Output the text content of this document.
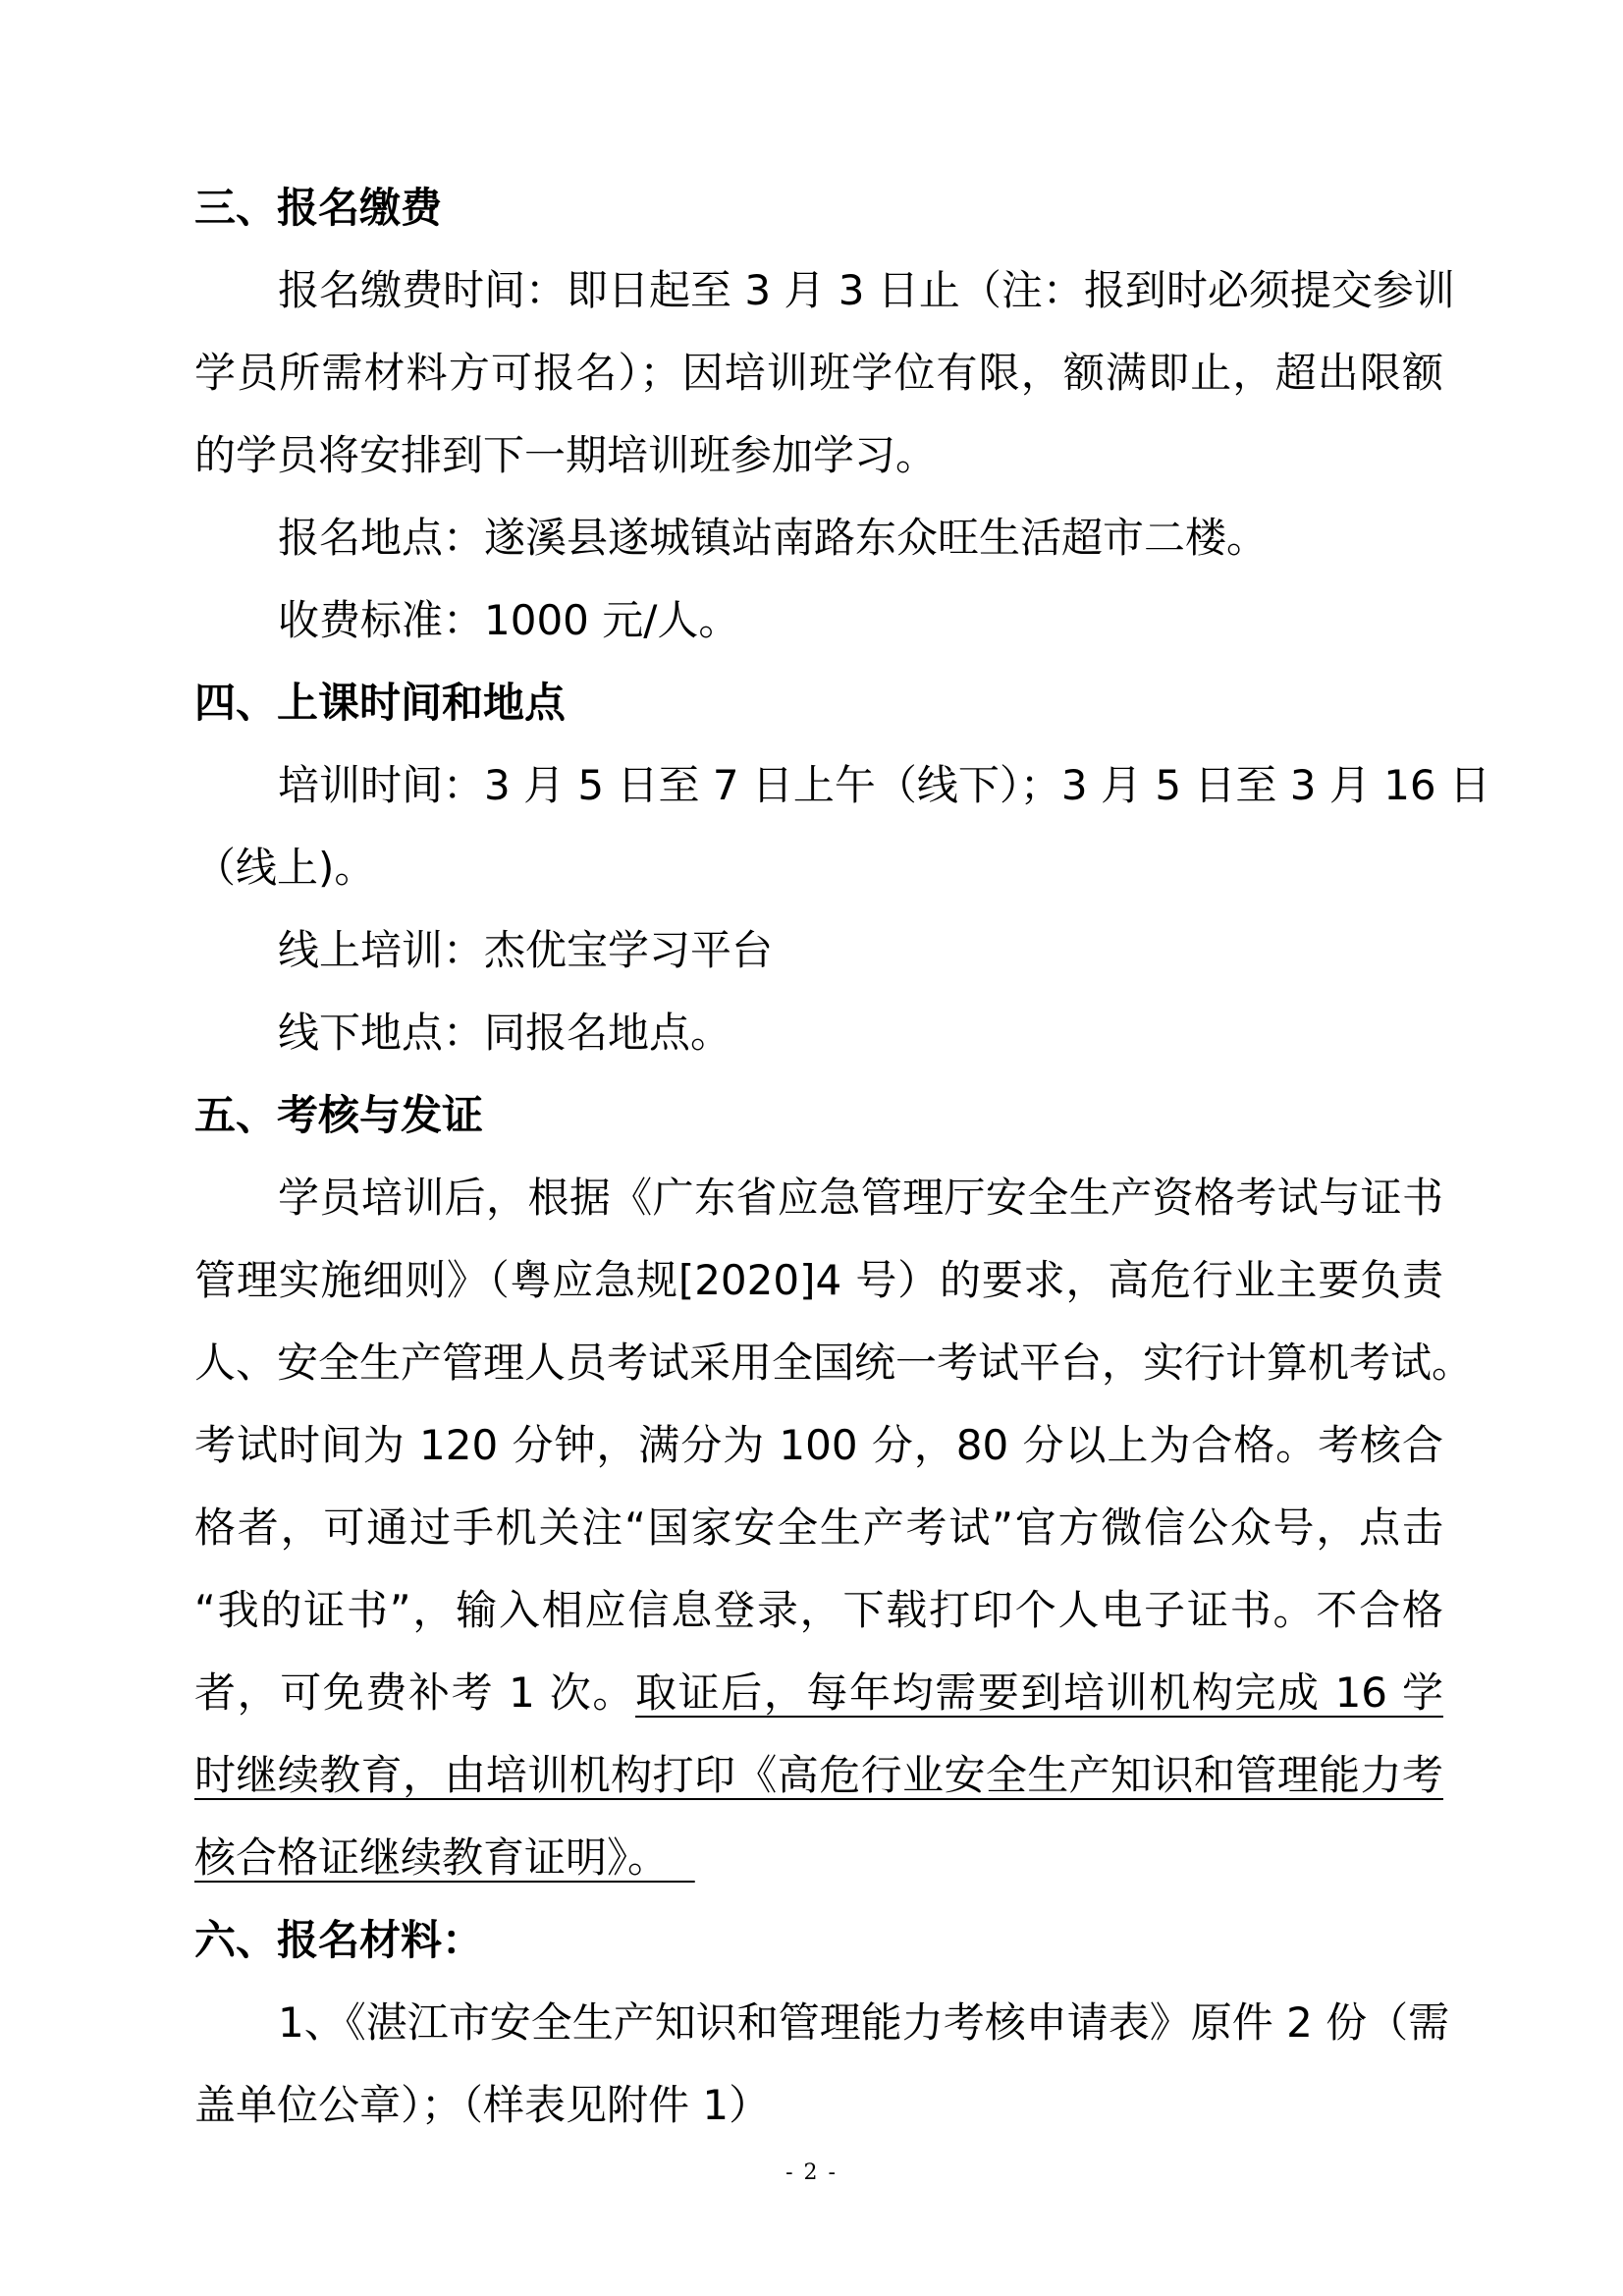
三、报名缴费
报名缴费时间：即日起至 3 月 3 日止（注：报到时必须提交参训
学员所需材料方可报名）；因培训班学位有限，额满即止，超出限额
的学员将安排到下一期培训班参加学习。
报名地点：遂溪县遂城镇站南路东众旺生活超市二楼。
收费标准：1000 元/人。
四、上课时间和地点
培训时间：3 月 5 日至 7 日上午（线下）；3 月 5 日至 3 月 16 日
（线上)。
线上培训：杰优宝学习平台
线下地点：同报名地点。
五、考核与发证
学员培训后，根据《广东省应急管理厅安全生产资格考试与证书
管理实施细则》（粤应急规[2020]4 号）的要求，高危行业主要负责
人、安全生产管理人员考试采用全国统一考试平台，实行计算机考试。
考试时间为 120 分钟，满分为 100 分，80 分以上为合格。考核合
格者，可通过手机关注“国家安全生产考试”官方微信公众号，点击
“我的证书”，输入相应信息登录，下载打印个人电子证书。不合格
者，可免费补考 1 次。取证后，每年均需要到培训机构完成 16 学
时继续教育，由培训机构打印《高危行业安全生产知识和管理能力考
核合格证继续教育证明》。
六、报名材料：
1、《湛江市安全生产知识和管理能力考核申请表》原件 2 份（需
盖单位公章）；（样表见附件 1）
- 2 -
